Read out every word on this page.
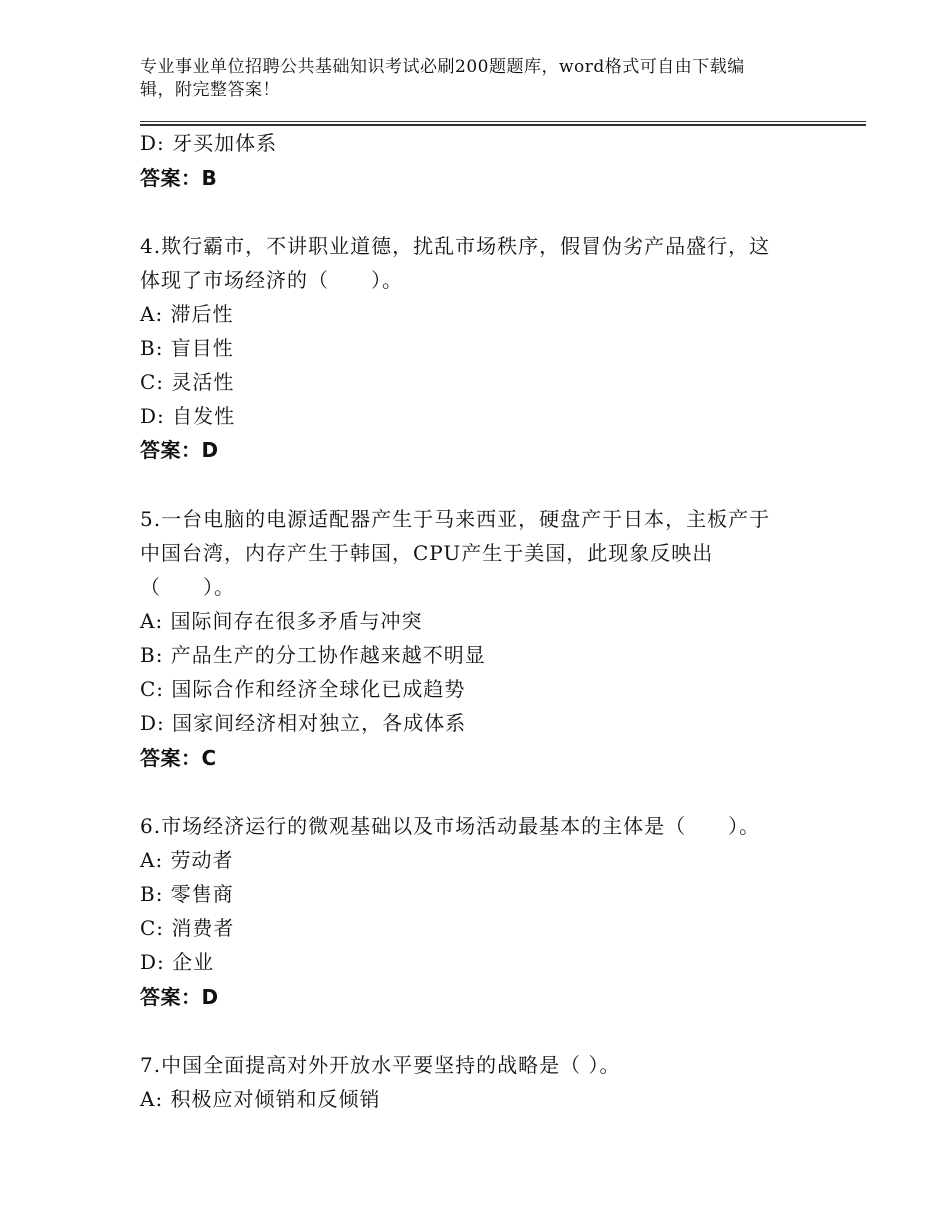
专业事业单位招聘公共基础知识考试必刷200题题库，word格式可自由下载编
辑，附完整答案！
D: 牙买加体系
答案：B
4.欺行霸市，不讲职业道德，扰乱市场秩序，假冒伪劣产品盛行，这
体现了市场经济的（　　）。
A: 滞后性
B: 盲目性
C: 灵活性
D: 自发性
答案：D
5.一台电脑的电源适配器产生于马来西亚，硬盘产于日本，主板产于
中国台湾，内存产生于韩国，CPU产生于美国，此现象反映出
（　　）。
A: 国际间存在很多矛盾与冲突
B: 产品生产的分工协作越来越不明显
C: 国际合作和经济全球化已成趋势
D: 国家间经济相对独立，各成体系
答案：C
6.市场经济运行的微观基础以及市场活动最基本的主体是（　　）。
A: 劳动者
B: 零售商
C: 消费者
D: 企业
答案：D
7.中国全面提高对外开放水平要坚持的战略是（ ）。
A: 积极应对倾销和反倾销
